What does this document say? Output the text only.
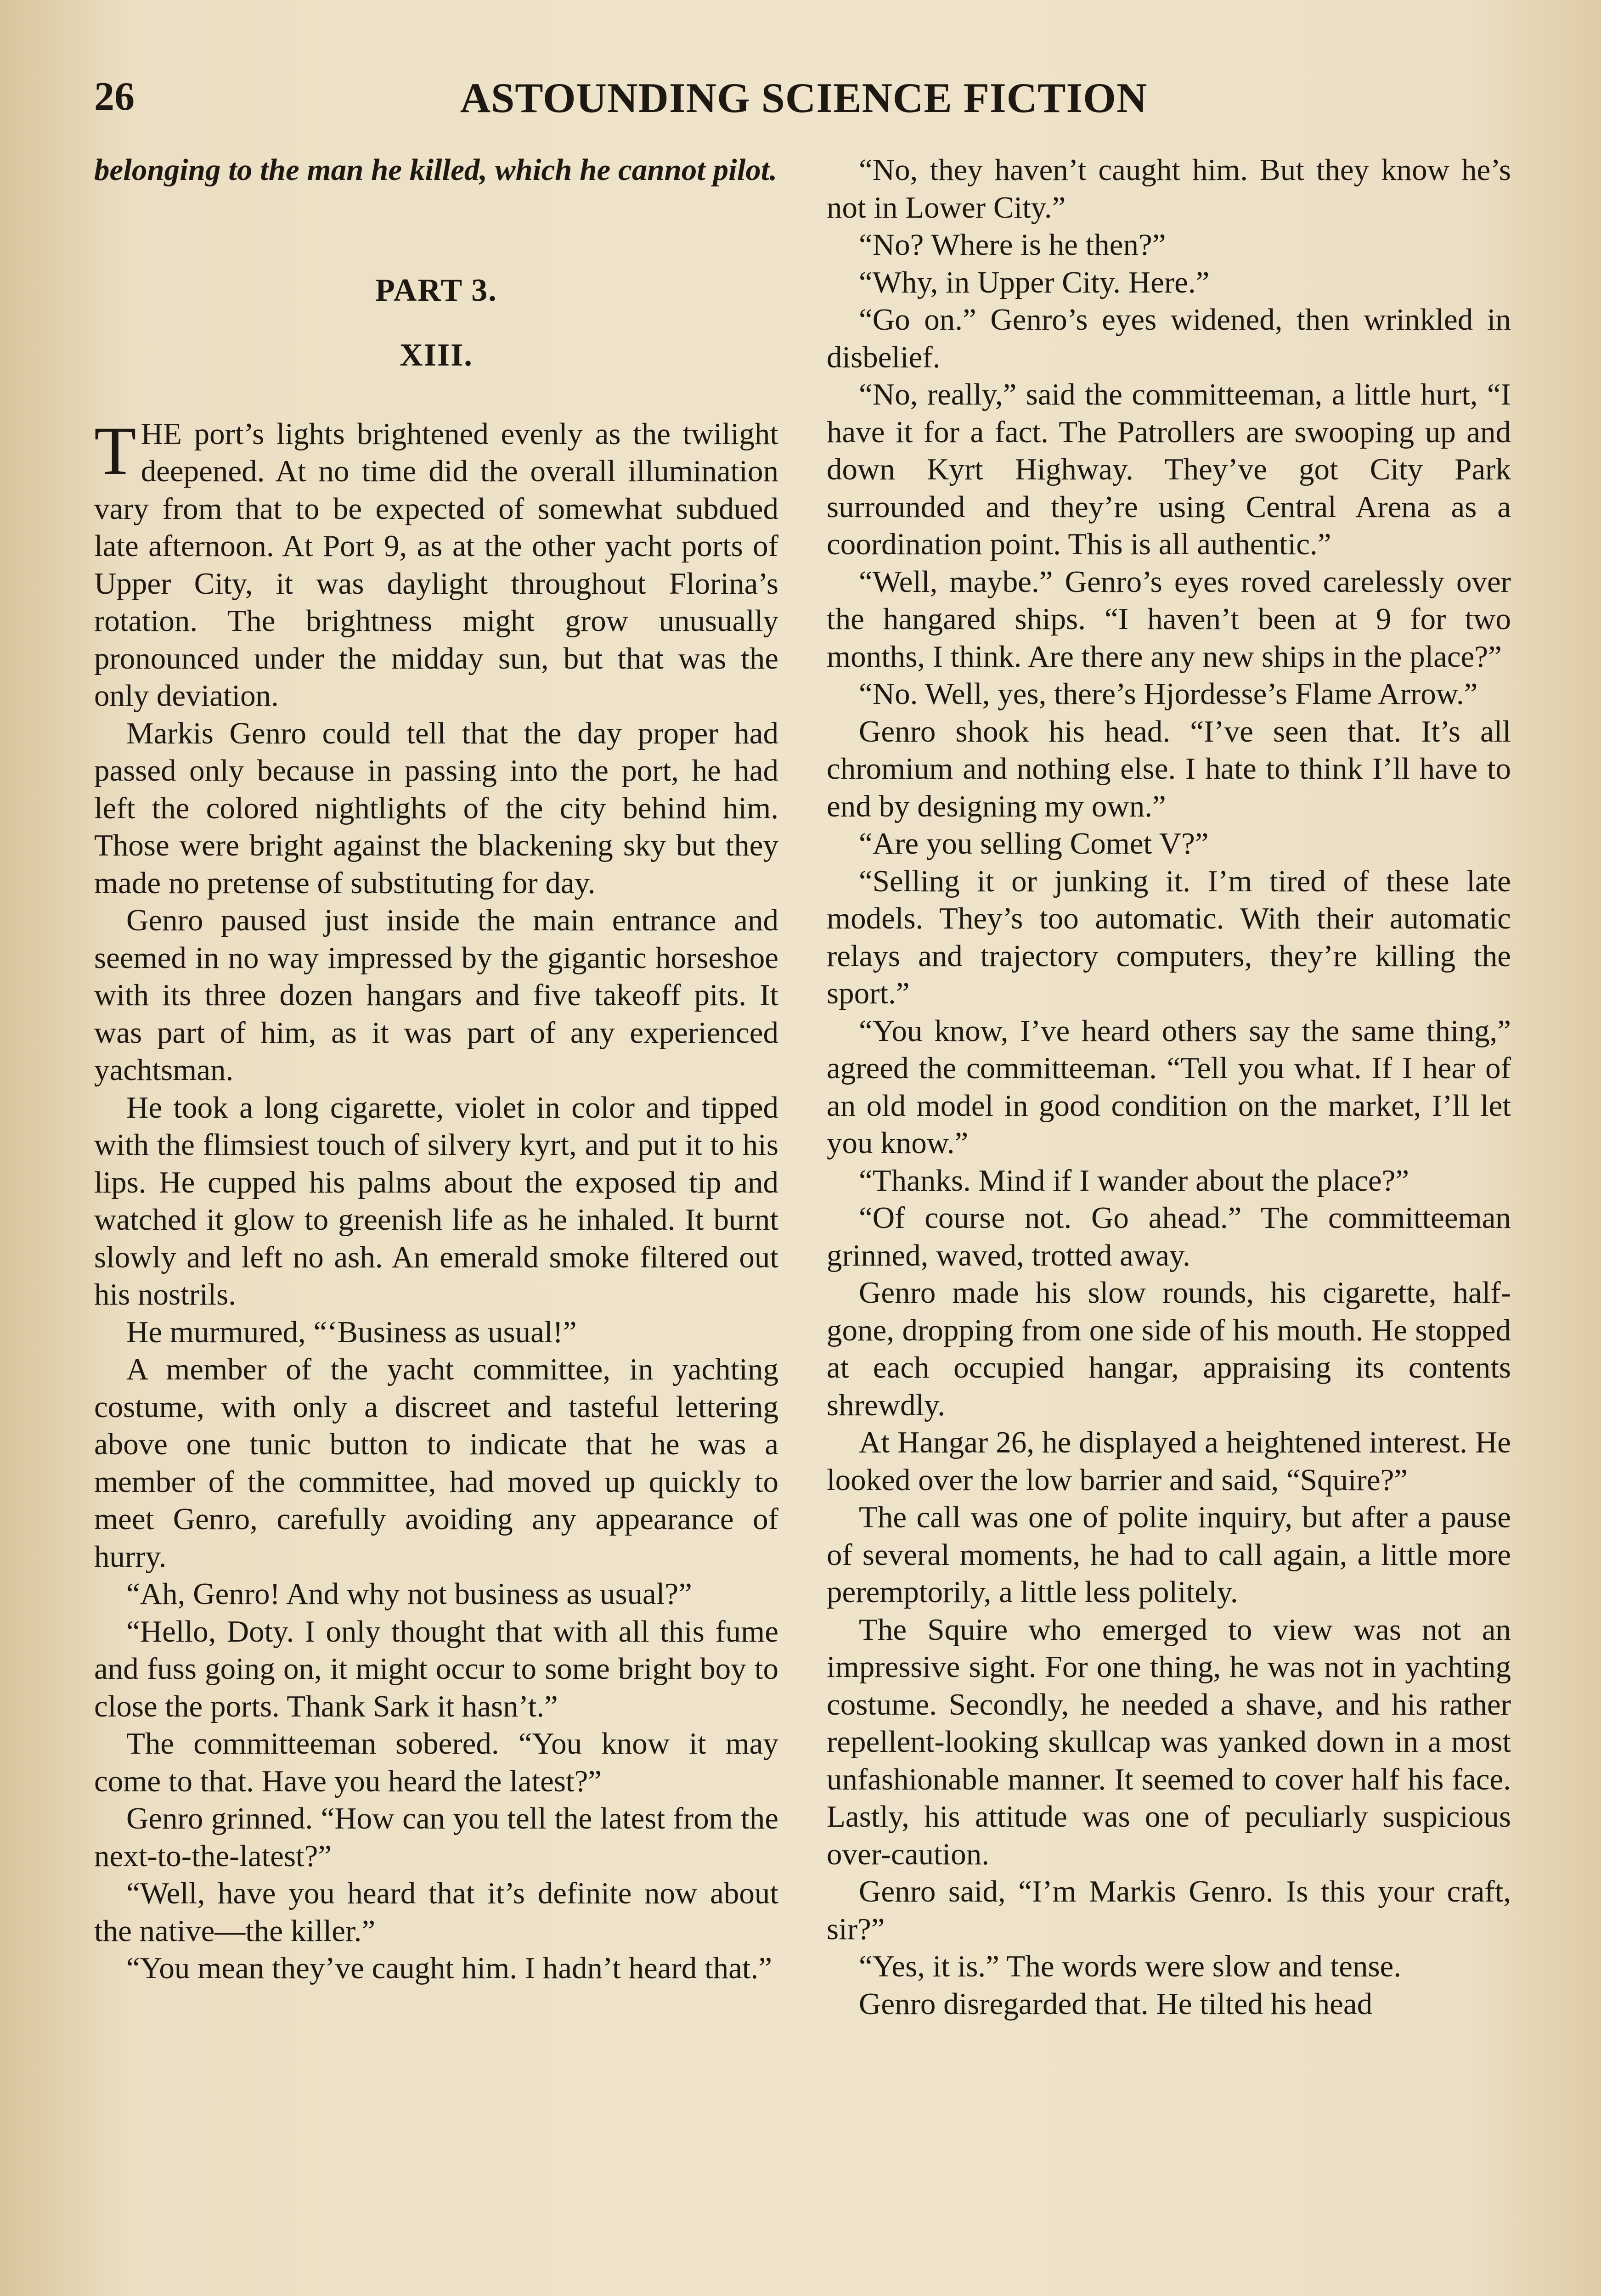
26	ASTOUNDING SCIENCE FICTION

belonging to the man he killed, which he cannot pilot.

PART 3.

XIII.

THE port’s lights brightened evenly as the twilight deepened. At no time did the overall illumination vary from that to be expected of somewhat subdued late afternoon. At Port 9, as at the other yacht ports of Upper City, it was daylight throughout Florina’s rotation. The brightness might grow unusually pronounced under the midday sun, but that was the only deviation.

Markis Genro could tell that the day proper had passed only because in passing into the port, he had left the colored nightlights of the city behind him. Those were bright against the blackening sky but they made no pretense of substituting for day.

Genro paused just inside the main entrance and seemed in no way impressed by the gigantic horseshoe with its three dozen hangars and five takeoff pits. It was part of him, as it was part of any experienced yachtsman.

He took a long cigarette, violet in color and tipped with the flimsiest touch of silvery kyrt, and put it to his lips. He cupped his palms about the exposed tip and watched it glow to greenish life as he inhaled. It burnt slowly and left no ash. An emerald smoke filtered out his nostrils.

He murmured, “‘Business as usual!”

A member of the yacht committee, in yachting costume, with only a discreet and tasteful lettering above one tunic button to indicate that he was a member of the committee, had moved up quickly to meet Genro, carefully avoiding any appearance of hurry.

“Ah, Genro! And why not business as usual?”

“Hello, Doty. I only thought that with all this fume and fuss going on, it might occur to some bright boy to close the ports. Thank Sark it hasn’t.”

The committeeman sobered. “You know it may come to that. Have you heard the latest?”

Genro grinned. “How can you tell the latest from the next-to-the-latest?”

“Well, have you heard that it’s definite now about the native—the killer.”

“You mean they’ve caught him. I hadn’t heard that.”

“No, they haven’t caught him. But they know he’s not in Lower City.”

“No? Where is he then?”

“Why, in Upper City. Here.”

“Go on.” Genro’s eyes widened, then wrinkled in disbelief.

“No, really,” said the committeeman, a little hurt, “I have it for a fact. The Patrollers are swooping up and down Kyrt Highway. They’ve got City Park surrounded and they’re using Central Arena as a coordination point. This is all authentic.”

“Well, maybe.” Genro’s eyes roved carelessly over the hangared ships. “I haven’t been at 9 for two months, I think. Are there any new ships in the place?”

“No. Well, yes, there’s Hjordesse’s Flame Arrow.”

Genro shook his head. “I’ve seen that. It’s all chromium and nothing else. I hate to think I’ll have to end by designing my own.”

“Are you selling Comet V?”

“Selling it or junking it. I’m tired of these late models. They’s too automatic. With their automatic relays and trajectory computers, they’re killing the sport.”

“You know, I’ve heard others say the same thing,” agreed the committeeman. “Tell you what. If I hear of an old model in good condition on the market, I’ll let you know.”

“Thanks. Mind if I wander about the place?”

“Of course not. Go ahead.” The committeeman grinned, waved, trotted away.

Genro made his slow rounds, his cigarette, half-gone, dropping from one side of his mouth. He stopped at each occupied hangar, appraising its contents shrewdly.

At Hangar 26, he displayed a heightened interest. He looked over the low barrier and said, “Squire?”

The call was one of polite inquiry, but after a pause of several moments, he had to call again, a little more peremptorily, a little less politely.

The Squire who emerged to view was not an impressive sight. For one thing, he was not in yachting costume. Secondly, he needed a shave, and his rather repellent-looking skullcap was yanked down in a most unfashionable manner. It seemed to cover half his face. Lastly, his attitude was one of peculiarly suspicious over-caution.

Genro said, “I’m Markis Genro. Is this your craft, sir?”

“Yes, it is.” The words were slow and tense.

Genro disregarded that. He tilted his head
